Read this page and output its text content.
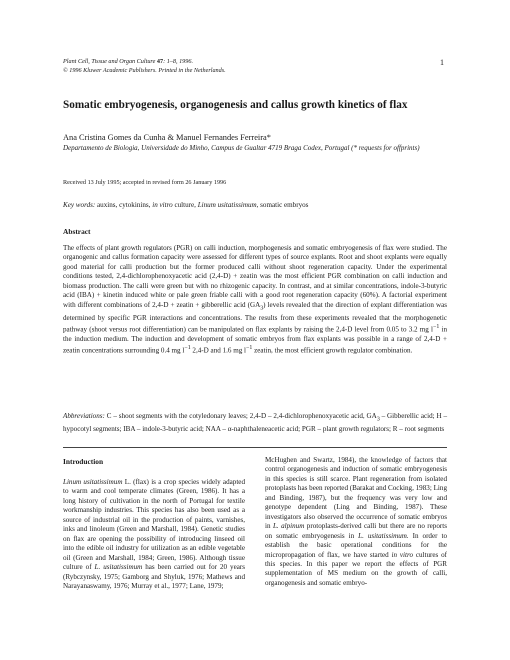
Plant Cell, Tissue and Organ Culture 47: 1–8, 1996.
© 1996 Kluwer Academic Publishers. Printed in the Netherlands.
1
Somatic embryogenesis, organogenesis and callus growth kinetics of flax
Ana Cristina Gomes da Cunha & Manuel Fernandes Ferreira*
Departamento de Biologia, Universidade do Minho, Campus de Gualtar 4719 Braga Codex, Portugal (* requests for offprints)
Received 13 July 1995; accepted in revised form 26 January 1996
Key words: auxins, cytokinins, in vitro culture, Linum usitatissimum, somatic embryos
Abstract

The effects of plant growth regulators (PGR) on calli induction, morphogenesis and somatic embryogenesis of flax were studied. The organogenic and callus formation capacity were assessed for different types of source explants. Root and shoot explants were equally good material for calli production but the former produced calli without shoot regeneration capacity. Under the experimental conditions tested, 2,4-dichlorophenoxyacetic acid (2,4-D) + zeatin was the most efficient PGR combination on calli induction and biomass production. The calli were green but with no rhizogenic capacity. In contrast, and at similar concentrations, indole-3-butyric acid (IBA) + kinetin induced white or pale green friable calli with a good root regeneration capacity (60%). A factorial experiment with different combinations of 2,4-D + zeatin + gibberellic acid $(GA_3)$ levels revealed that the direction of explant differentiation was determined by specific PGR interactions and concentrations. The results from these experiments revealed that the morphogenetic pathway (shoot versus root differentiation) can be manipulated on flax explants by raising the 2,4-D level from 0.05 to 3.2 mg $l^{-1}$ in the induction medium. The induction and development of somatic embryos from flax explants was possible in a range of 2,4-D + zeatin concentrations surrounding 0.4 mg $l^{-1}$ 2,4-D and 1.6 mg $l^{-1}$ zeatin, the most efficient growth regulator combination.

Abbreviations: C – shoot segments with the cotyledonary leaves; 2,4-D – 2,4-dichlorophenoxyacetic acid, $GA_3$ – Gibberellic acid; H – hypocotyl segments; IBA – indole-3-butyric acid; NAA – α-naphthaleneacetic acid; PGR – plant growth regulators; R – root segments

Introduction

Linum usitatissimum L. (flax) is a crop species widely adapted to warm and cool temperate climates (Green, 1986). It has a long history of cultivation in the north of Portugal for textile workmanship industries. This species has also been used as a source of industrial oil in the production of paints, varnishes, inks and linoleum (Green and Marshall, 1984). Genetic studies on flax are opening the possibility of introducing linseed oil into the edible oil industry for utilization as an edible vegetable oil (Green and Marshall, 1984; Green, 1986). Although tissue culture of L. usitatissimum has been carried out for 20 years (Rybczynsky, 1975; Gamborg and Shyluk, 1976; Mathews and Narayanaswamy, 1976; Murray et al., 1977; Lane, 1979;

McHughen and Swartz, 1984), the knowledge of factors that control organogenesis and induction of somatic embryogenesis in this species is still scarce. Plant regeneration from isolated protoplasts has been reported (Barakat and Cocking, 1983; Ling and Binding, 1987), but the frequency was very low and genotype dependent (Ling and Binding, 1987). These investigators also observed the occurrence of somatic embryos in L. alpinum protoplasts-derived calli but there are no reports on somatic embryogenesis in L. usitatissimum. In order to establish the basic operational conditions for the micropropagation of flax, we have started in vitro cultures of this species. In this paper we report the effects of PGR supplementation of MS medium on the growth of calli, organogenesis and somatic embryo-
